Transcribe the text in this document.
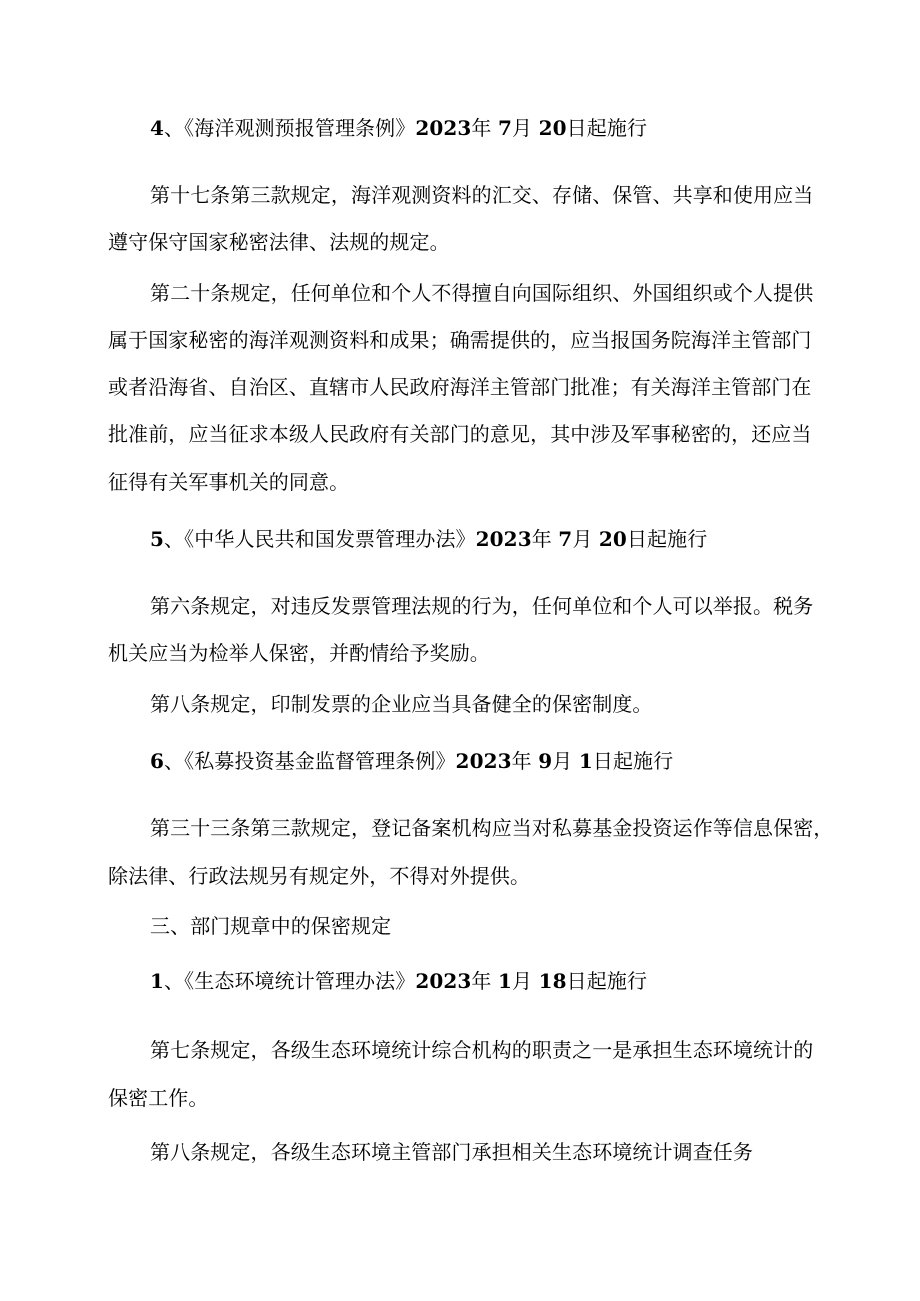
4、《海洋观测预报管理条例》2023年 7月 20日起施行
第十七条第三款规定，海洋观测资料的汇交、存储、保管、共享和使用应当
遵守保守国家秘密法律、法规的规定。
第二十条规定，任何单位和个人不得擅自向国际组织、外国组织或个人提供
属于国家秘密的海洋观测资料和成果；确需提供的，应当报国务院海洋主管部门
或者沿海省、自治区、直辖市人民政府海洋主管部门批准；有关海洋主管部门在
批准前，应当征求本级人民政府有关部门的意见，其中涉及军事秘密的，还应当
征得有关军事机关的同意。
5、《中华人民共和国发票管理办法》2023年 7月 20日起施行
第六条规定，对违反发票管理法规的行为，任何单位和个人可以举报。税务
机关应当为检举人保密，并酌情给予奖励。
第八条规定，印制发票的企业应当具备健全的保密制度。
6、《私募投资基金监督管理条例》2023年 9月 1日起施行
第三十三条第三款规定，登记备案机构应当对私募基金投资运作等信息保密，
除法律、行政法规另有规定外，不得对外提供。
三、部门规章中的保密规定
1、《生态环境统计管理办法》2023年 1月 18日起施行
第七条规定，各级生态环境统计综合机构的职责之一是承担生态环境统计的
保密工作。
第八条规定，各级生态环境主管部门承担相关生态环境统计调查任务
